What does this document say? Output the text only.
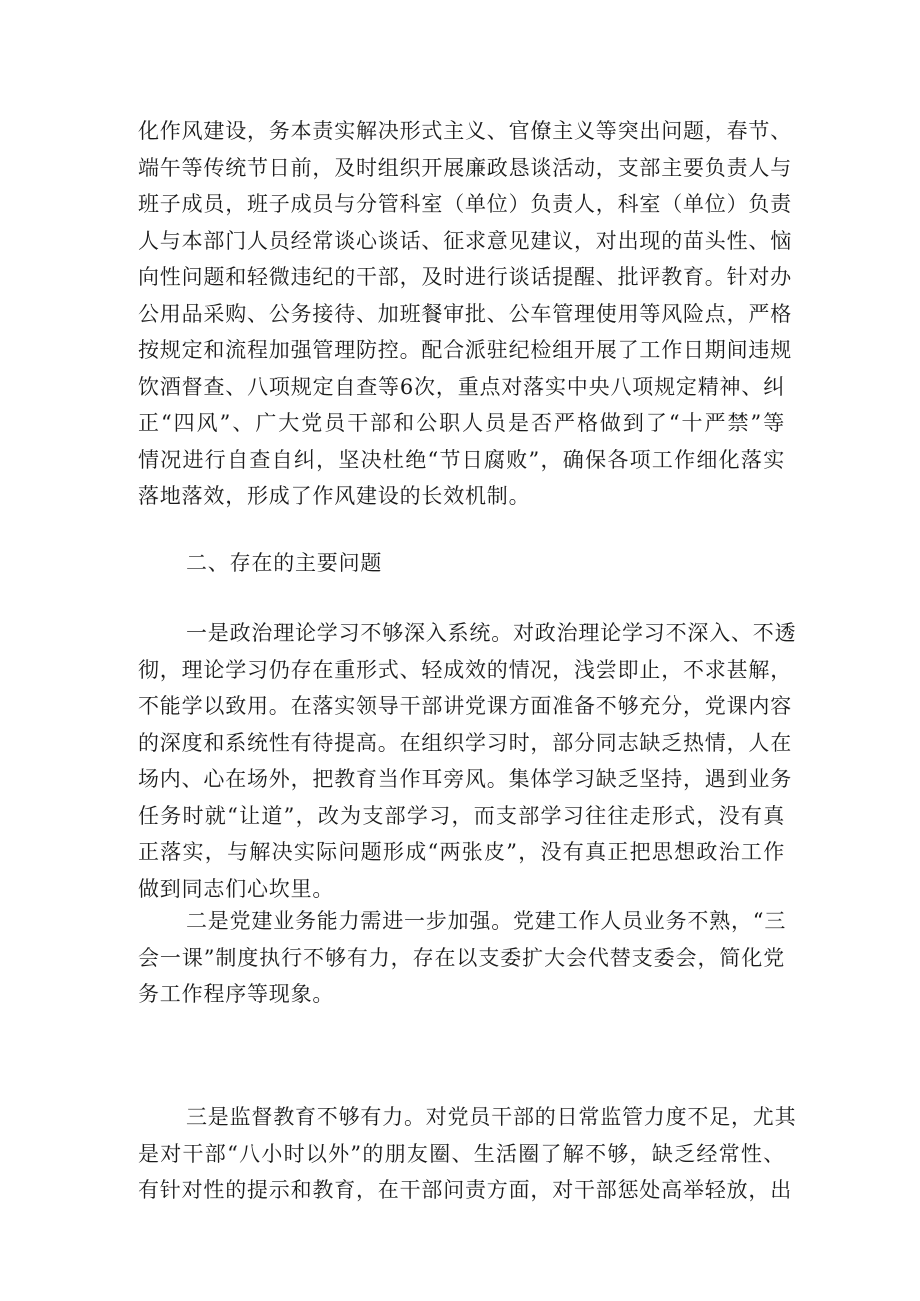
化作风建设，务本责实解决形式主义、官僚主义等突出问题，春节、
端午等传统节日前，及时组织开展廉政恳谈活动，支部主要负责人与
班子成员，班子成员与分管科室（单位）负责人，科室（单位）负责
人与本部门人员经常谈心谈话、征求意见建议，对出现的苗头性、恼
向性问题和轻微违纪的干部，及时进行谈话提醒、批评教育。针对办
公用品采购、公务接待、加班餐审批、公车管理使用等风险点，严格
按规定和流程加强管理防控。配合派驻纪检组开展了工作日期间违规
饮酒督查、八项规定自查等6次，重点对落实中央八项规定精神、纠
正“四风”、广大党员干部和公职人员是否严格做到了“十严禁”等
情况进行自查自纠，坚决杜绝“节日腐败”，确保各项工作细化落实
落地落效，形成了作风建设的长效机制。
二、存在的主要问题
一是政治理论学习不够深入系统。对政治理论学习不深入、不透
彻，理论学习仍存在重形式、轻成效的情况，浅尝即止，不求甚解，
不能学以致用。在落实领导干部讲党课方面准备不够充分，党课内容
的深度和系统性有待提高。在组织学习时，部分同志缺乏热情，人在
场内、心在场外，把教育当作耳旁风。集体学习缺乏坚持，遇到业务
任务时就“让道”，改为支部学习，而支部学习往往走形式，没有真
正落实，与解决实际问题形成“两张皮”，没有真正把思想政治工作
做到同志们心坎里。
二是党建业务能力需进一步加强。党建工作人员业务不熟，“三
会一课”制度执行不够有力，存在以支委扩大会代替支委会，简化党
务工作程序等现象。
三是监督教育不够有力。对党员干部的日常监管力度不足，尤其
是对干部“八小时以外”的朋友圈、生活圈了解不够，缺乏经常性、
有针对性的提示和教育，在干部问责方面，对干部惩处高举轻放，出
